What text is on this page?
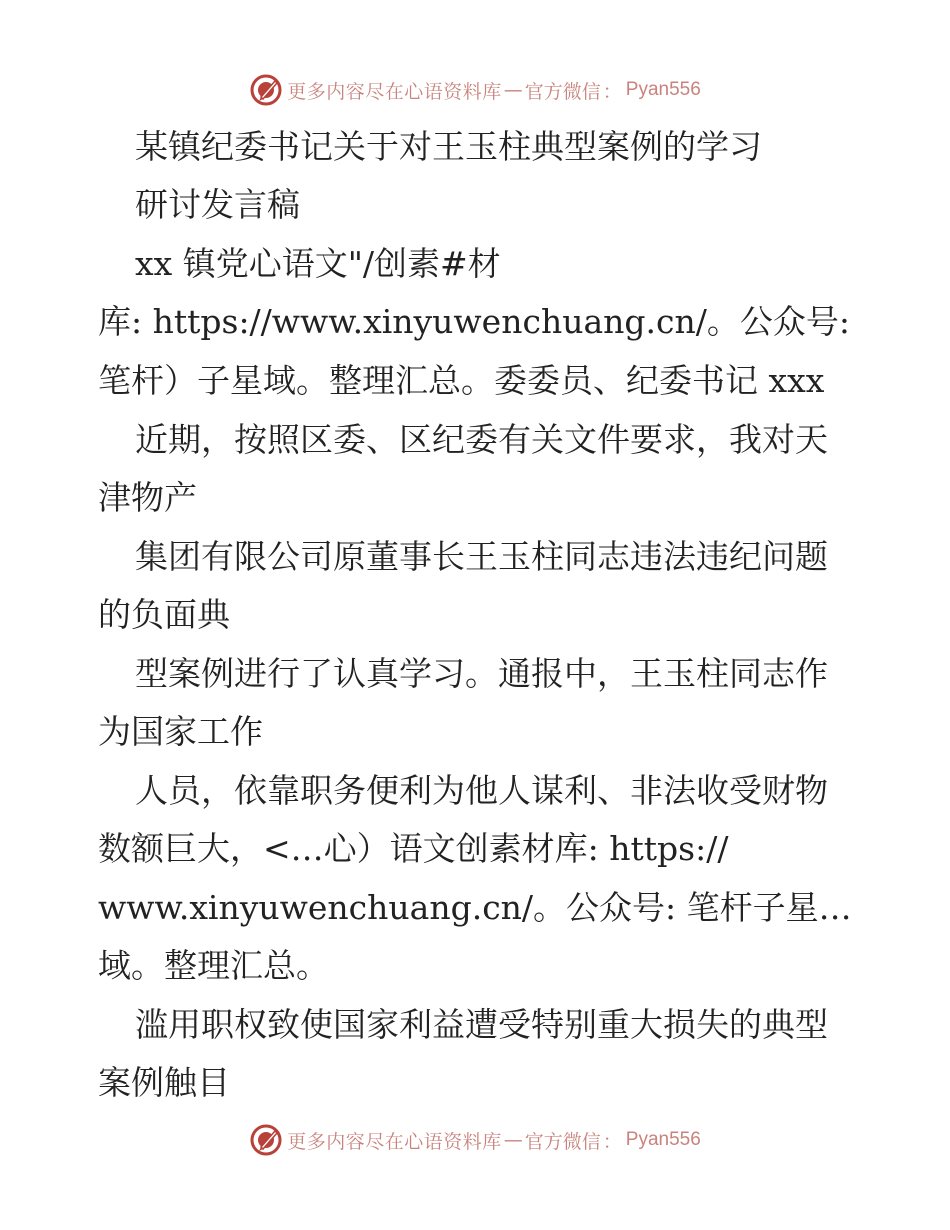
更多内容尽在心语资料库 — 官方微信 ： Pyan556
某镇纪委书记关于对王玉柱典型案例的学习
研讨发言稿
xx 镇党心语文"/创素#材
库: https://www.xinyuwenchuang.cn/。公众号:
笔杆）子星域。整理汇总。委委员、纪委书记 xxx
近期，按照区委、区纪委有关文件要求，我对天
津物产
集团有限公司原董事长王玉柱同志违法违纪问题
的负面典
型案例进行了认真学习。通报中，王玉柱同志作
为国家工作
人员，依靠职务便利为他人谋利、非法收受财物
数额巨大，<…心）语文创素材库: https://
www.xinyuwenchuang.cn/。公众号: 笔杆子星…
域。整理汇总。
滥用职权致使国家利益遭受特别重大损失的典型
案例触目
更多内容尽在心语资料库 — 官方微信 ： Pyan556
